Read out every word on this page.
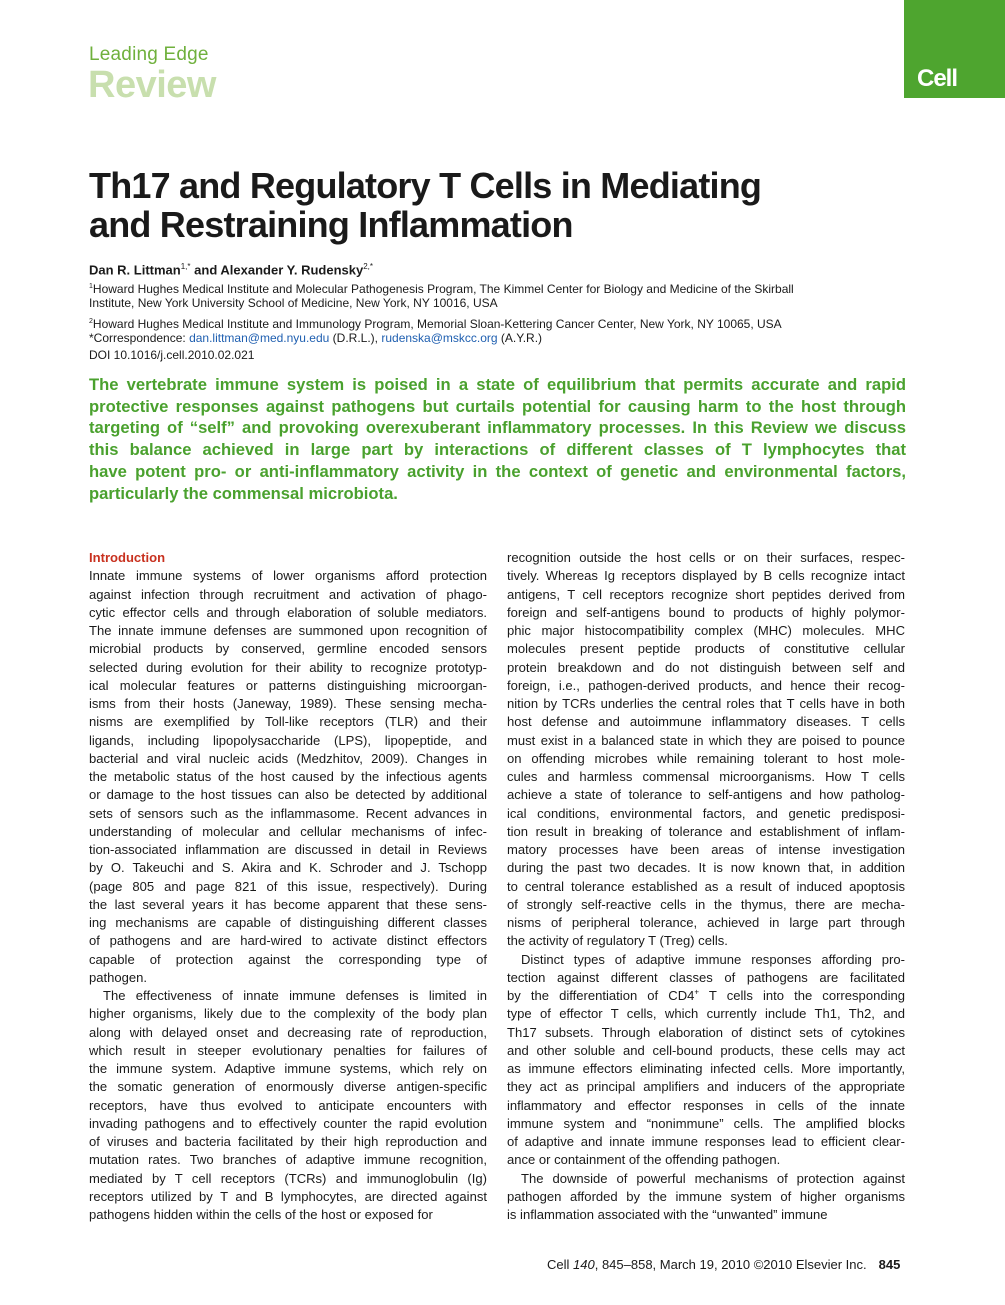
Leading Edge
Review	Cell
Th17 and Regulatory T Cells in Mediating
and Restraining Inflammation
Dan R. Littman$^{1,*}$ and Alexander Y. Rudensky$^{2,*}$
$^1$Howard Hughes Medical Institute and Molecular Pathogenesis Program, The Kimmel Center for Biology and Medicine of the Skirball
Institute, New York University School of Medicine, New York, NY 10016, USA
$^2$Howard Hughes Medical Institute and Immunology Program, Memorial Sloan-Kettering Cancer Center, New York, NY 10065, USA
*Correspondence: dan.littman@med.nyu.edu (D.R.L.), rudenska@mskcc.org (A.Y.R.)
DOI 10.1016/j.cell.2010.02.021
The vertebrate immune system is poised in a state of equilibrium that permits accurate and rapid
protective responses against pathogens but curtails potential for causing harm to the host through
targeting of “self” and provoking overexuberant inflammatory processes. In this Review we discuss
this balance achieved in large part by interactions of different classes of T lymphocytes that
have potent pro- or anti-inflammatory activity in the context of genetic and environmental factors,
particularly the commensal microbiota.
Introduction
Innate immune systems of lower organisms afford protection
against infection through recruitment and activation of phago-
cytic effector cells and through elaboration of soluble mediators.
The innate immune defenses are summoned upon recognition of
microbial products by conserved, germline encoded sensors
selected during evolution for their ability to recognize prototyp-
ical molecular features or patterns distinguishing microorgan-
isms from their hosts (Janeway, 1989). These sensing mecha-
nisms are exemplified by Toll-like receptors (TLR) and their
ligands, including lipopolysaccharide (LPS), lipopeptide, and
bacterial and viral nucleic acids (Medzhitov, 2009). Changes in
the metabolic status of the host caused by the infectious agents
or damage to the host tissues can also be detected by additional
sets of sensors such as the inflammasome. Recent advances in
understanding of molecular and cellular mechanisms of infec-
tion-associated inflammation are discussed in detail in Reviews
by O. Takeuchi and S. Akira and K. Schroder and J. Tschopp
(page 805 and page 821 of this issue, respectively). During
the last several years it has become apparent that these sens-
ing mechanisms are capable of distinguishing different classes
of pathogens and are hard-wired to activate distinct effectors
capable of protection against the corresponding type of
pathogen.
The effectiveness of innate immune defenses is limited in
higher organisms, likely due to the complexity of the body plan
along with delayed onset and decreasing rate of reproduction,
which result in steeper evolutionary penalties for failures of
the immune system. Adaptive immune systems, which rely on
the somatic generation of enormously diverse antigen-specific
receptors, have thus evolved to anticipate encounters with
invading pathogens and to effectively counter the rapid evolution
of viruses and bacteria facilitated by their high reproduction and
mutation rates. Two branches of adaptive immune recognition,
mediated by T cell receptors (TCRs) and immunoglobulin (Ig)
receptors utilized by T and B lymphocytes, are directed against
pathogens hidden within the cells of the host or exposed for
recognition outside the host cells or on their surfaces, respec-
tively. Whereas Ig receptors displayed by B cells recognize intact
antigens, T cell receptors recognize short peptides derived from
foreign and self-antigens bound to products of highly polymor-
phic major histocompatibility complex (MHC) molecules. MHC
molecules present peptide products of constitutive cellular
protein breakdown and do not distinguish between self and
foreign, i.e., pathogen-derived products, and hence their recog-
nition by TCRs underlies the central roles that T cells have in both
host defense and autoimmune inflammatory diseases. T cells
must exist in a balanced state in which they are poised to pounce
on offending microbes while remaining tolerant to host mole-
cules and harmless commensal microorganisms. How T cells
achieve a state of tolerance to self-antigens and how patholog-
ical conditions, environmental factors, and genetic predisposi-
tion result in breaking of tolerance and establishment of inflam-
matory processes have been areas of intense investigation
during the past two decades. It is now known that, in addition
to central tolerance established as a result of induced apoptosis
of strongly self-reactive cells in the thymus, there are mecha-
nisms of peripheral tolerance, achieved in large part through
the activity of regulatory T (Treg) cells.
Distinct types of adaptive immune responses affording pro-
tection against different classes of pathogens are facilitated
by the differentiation of CD4+ T cells into the corresponding
type of effector T cells, which currently include Th1, Th2, and
Th17 subsets. Through elaboration of distinct sets of cytokines
and other soluble and cell-bound products, these cells may act
as immune effectors eliminating infected cells. More importantly,
they act as principal amplifiers and inducers of the appropriate
inflammatory and effector responses in cells of the innate
immune system and “nonimmune” cells. The amplified blocks
of adaptive and innate immune responses lead to efficient clear-
ance or containment of the offending pathogen.
The downside of powerful mechanisms of protection against
pathogen afforded by the immune system of higher organisms
is inflammation associated with the “unwanted” immune
Cell 140, 845–858, March 19, 2010 ©2010 Elsevier Inc. 845
